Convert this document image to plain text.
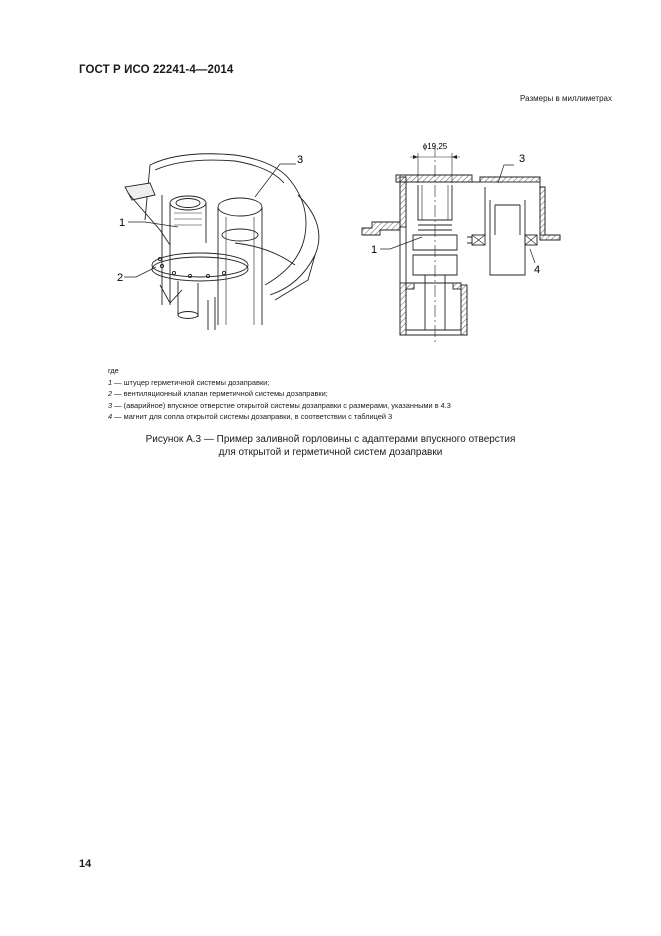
ГОСТ Р ИСО 22241-4—2014
Размеры в миллиметрах
1
2
3
ϕ19,25
3
1
4
где
1 — штуцер герметичной системы дозаправки;
2 — вентиляционный клапан герметичной системы дозаправки;
3 — (аварийное) впускное отверстие открытой системы дозаправки с размерами, указанными в 4.3
4 — магнит для сопла открытой системы дозаправки, в соответствии с таблицей 3
Рисунок А.3 — Пример заливной горловины с адаптерами впускного отверстия
для открытой и герметичной систем дозаправки
14
